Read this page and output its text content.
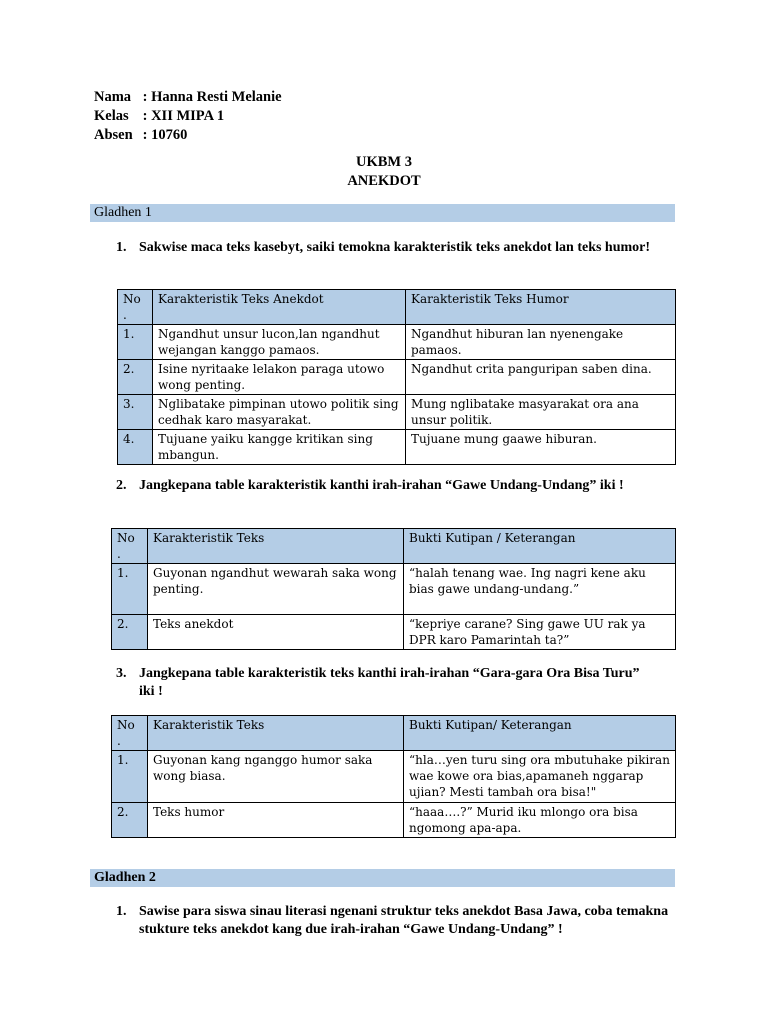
Nama : Hanna Resti Melanie
Kelas : XII MIPA 1
Absen : 10760
UKBM 3
ANEKDOT
Gladhen 1
1. Sakwise maca teks kasebyt, saiki temokna karakteristik teks anekdot lan teks humor!
No .	Karakteristik Teks Anekdot	Karakteristik Teks Humor
1.	Ngandhut unsur lucon,lan ngandhut wejangan kanggo pamaos.	Ngandhut hiburan lan nyenengake pamaos.
2.	Isine nyritaake lelakon paraga utowo wong penting.	Ngandhut crita panguripan saben dina.
3.	Nglibatake pimpinan utowo politik sing cedhak karo masyarakat.	Mung nglibatake masyarakat ora ana unsur politik.
4.	Tujuane yaiku kangge kritikan sing mbangun.	Tujuane mung gaawe hiburan.
2. Jangkepana table karakteristik kanthi irah-irahan “Gawe Undang-Undang” iki !
No .	Karakteristik Teks	Bukti Kutipan / Keterangan
1.	Guyonan ngandhut wewarah saka wong penting.	“halah tenang wae. Ing nagri kene aku bias gawe undang-undang.”
2.	Teks anekdot	“kepriye carane? Sing gawe UU rak ya DPR karo Pamarintah ta?”
3. Jangkepana table karakteristik teks kanthi irah-irahan “Gara-gara Ora Bisa Turu” iki !
No .	Karakteristik Teks	Bukti Kutipan/ Keterangan
1.	Guyonan kang nganggo humor saka wong biasa.	“hla…yen turu sing ora mbutuhake pikiran wae kowe ora bias,apamaneh nggarap ujian? Mesti tambah ora bisa!"
2.	Teks humor	“haaa….?” Murid iku mlongo ora bisa ngomong apa-apa.
Gladhen 2
1. Sawise para siswa sinau literasi ngenani struktur teks anekdot Basa Jawa, coba temakna stukture teks anekdot kang due irah-irahan “Gawe Undang-Undang” !
